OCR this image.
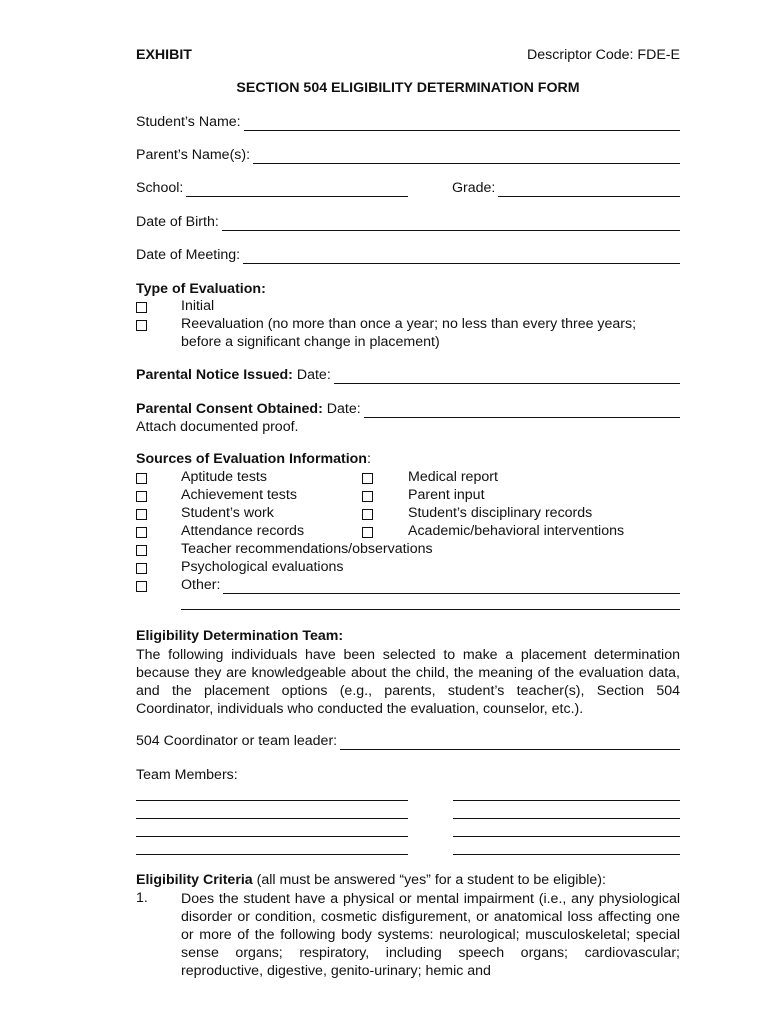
EXHIBIT	Descriptor Code: FDE-E
SECTION 504 ELIGIBILITY DETERMINATION FORM
Student’s Name:
Parent’s Name(s):
School:	Grade:
Date of Birth:
Date of Meeting:
Type of Evaluation:
Initial
Reevaluation (no more than once a year; no less than every three years;
before a significant change in placement)
Parental Notice Issued:
Date:
Parental Consent Obtained:
Date:
Attach documented proof.
Sources of Evaluation Information:
Aptitude tests	Medical report
Achievement tests	Parent input
Student’s work	Student’s disciplinary records
Attendance records	Academic/behavioral interventions
Teacher recommendations/observations
Psychological evaluations
Other:
Eligibility Determination Team:
The following individuals have been selected to make a placement determination because they are knowledgeable about the child, the meaning of the evaluation data, and the placement options (e.g., parents, student’s teacher(s), Section 504 Coordinator, individuals who conducted the evaluation, counselor, etc.).
504 Coordinator or team leader:
Team Members:
Eligibility Criteria (all must be answered “yes” for a student to be eligible):
1.	Does the student have a physical or mental impairment (i.e., any physiological disorder or condition, cosmetic disfigurement, or anatomical loss affecting one or more of the following body systems: neurological; musculoskeletal; special sense organs; respiratory, including speech organs; cardiovascular; reproductive, digestive, genito-urinary; hemic and
